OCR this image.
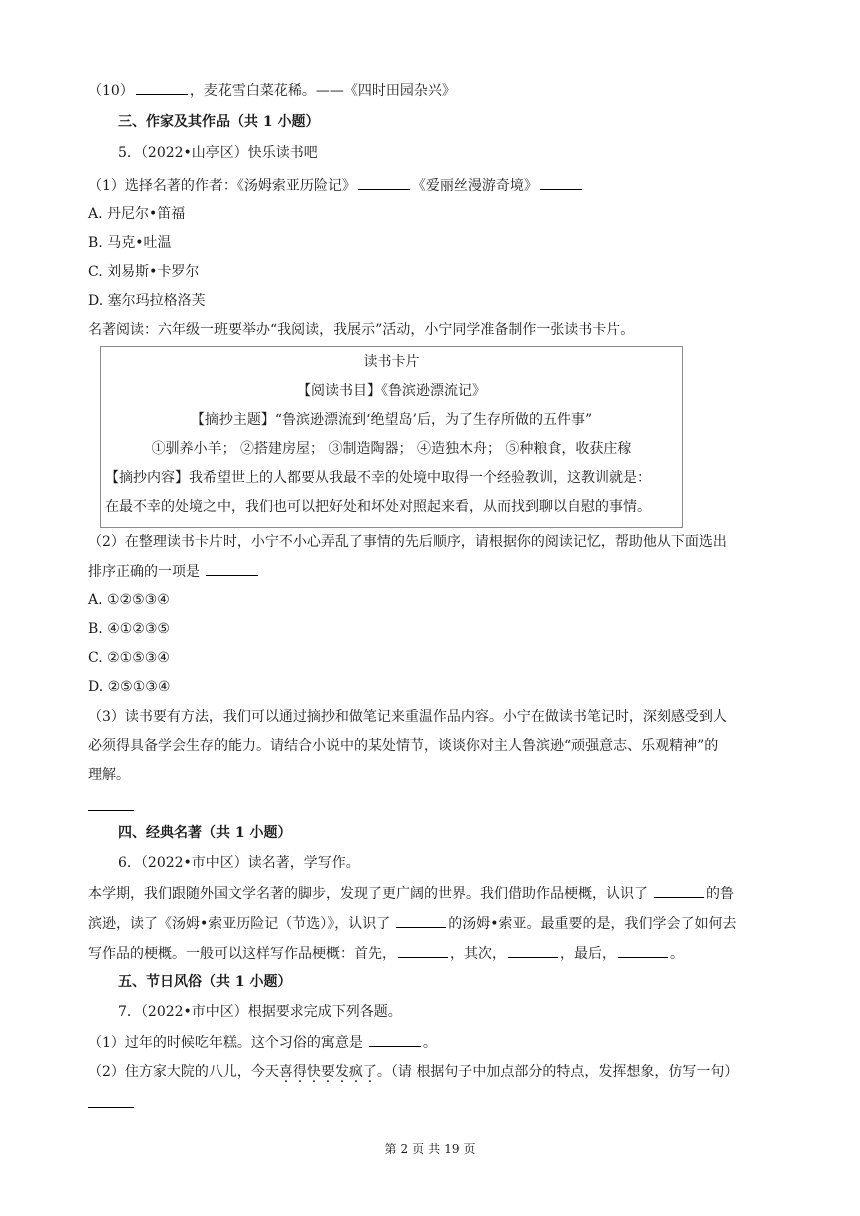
（10）	，麦花雪白菜花稀。——《四时田园杂兴》
三、作家及其作品（共 1 小题）
5．（2022•山亭区）快乐读书吧
（1）选择名著的作者：《汤姆索亚历险记》	《爱丽丝漫游奇境》
A. 丹尼尔•笛福
B. 马克•吐温
C. 刘易斯•卡罗尔
D. 塞尔玛拉格洛芙
名著阅读：六年级一班要举办“我阅读，我展示”活动，小宁同学准备制作一张读书卡片。
读书卡片
【阅读书目】《鲁滨逊漂流记》
【摘抄主题】“鲁滨逊漂流到‘绝望岛’后，为了生存所做的五件事”
①驯养小羊； ②搭建房屋； ③制造陶器； ④造独木舟； ⑤种粮食，收获庄稼
【摘抄内容】我希望世上的人都要从我最不幸的处境中取得一个经验教训，这教训就是：
在最不幸的处境之中，我们也可以把好处和坏处对照起来看，从而找到聊以自慰的事情。
（2）在整理读书卡片时，小宁不小心弄乱了事情的先后顺序，请根据你的阅读记忆，帮助他从下面选出
排序正确的一项是
A. ①②⑤③④
B. ④①②③⑤
C. ②①⑤③④
D. ②⑤①③④
（3）读书要有方法，我们可以通过摘抄和做笔记来重温作品内容。小宁在做读书笔记时，深刻感受到人
必须得具备学会生存的能力。请结合小说中的某处情节，谈谈你对主人鲁滨逊“顽强意志、乐观精神”的
理解。
四、经典名著（共 1 小题）
6．（2022•市中区）读名著，学写作。
本学期，我们跟随外国文学名著的脚步，发现了更广阔的世界。我们借助作品梗概，认识了	的鲁
滨逊，读了《汤姆•索亚历险记（节选）》，认识了	的汤姆•索亚。最重要的是，我们学会了如何去
写作品的梗概。一般可以这样写作品梗概：首先，	，其次，	，最后，	。
五、节日风俗（共 1 小题）
7．（2022•市中区）根据要求完成下列各题。
（1）过年的时候吃年糕。这个习俗的寓意是	。
（2）住方家大院的八儿，今天喜得快要发疯了。（请 根据句子中加点部分的特点，发挥想象，仿写一句）
第 2 页 共 19 页
